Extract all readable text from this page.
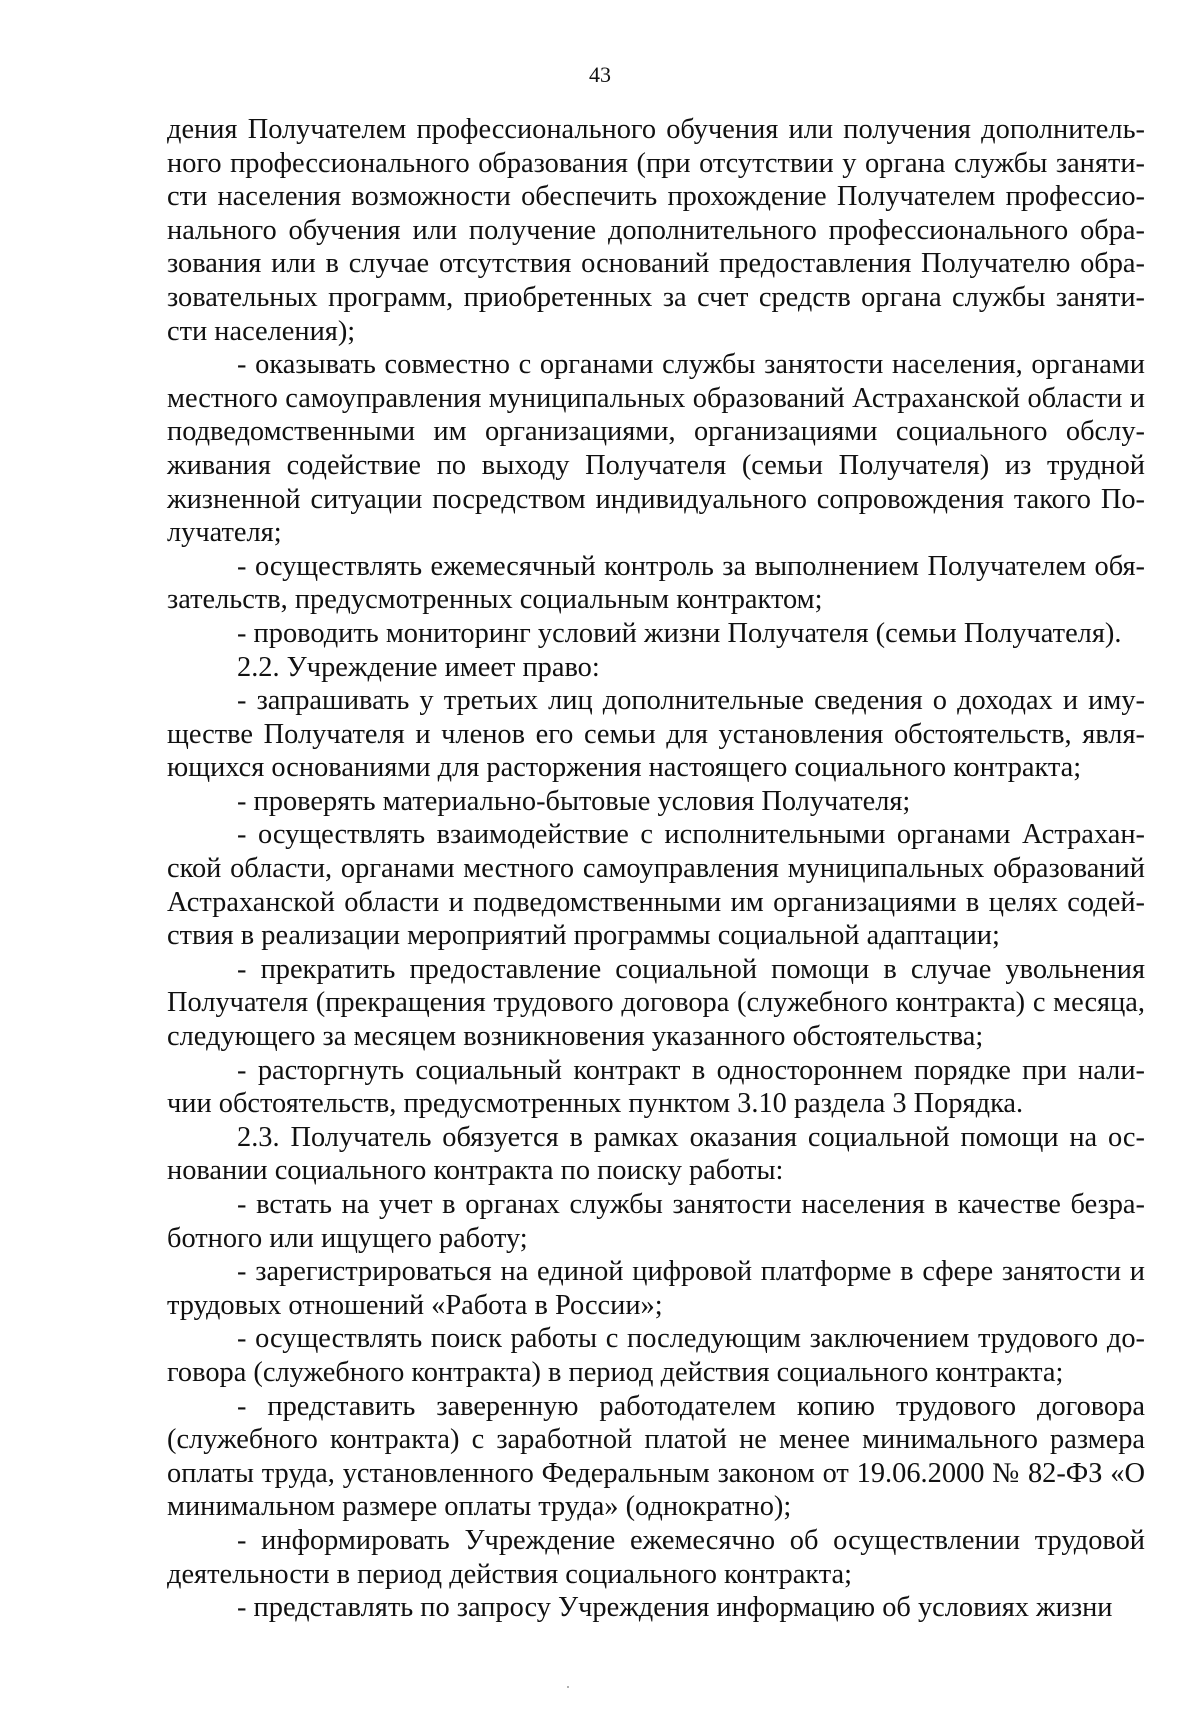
43

дения Получателем профессионального обучения или получения дополнительного профессионального образования (при отсутствии у органа службы занятисти населения возможности обеспечить прохождение Получателем профессионального обучения или получение дополнительного профессионального образования или в случае отсутствия оснований предоставления Получателю образовательных программ, приобретенных за счет средств органа службы занятисти населения);

- оказывать совместно с органами службы занятости населения, органами местного самоуправления муниципальных образований Астраханской области и подведомственными им организациями, организациями социального обслуживания содействие по выходу Получателя (семьи Получателя) из трудной жизненной ситуации посредством индивидуального сопровождения такого Получателя;

- осуществлять ежемесячный контроль за выполнением Получателем обязательств, предусмотренных социальным контрактом;

- проводить мониторинг условий жизни Получателя (семьи Получателя).

2.2. Учреждение имеет право:

- запрашивать у третьих лиц дополнительные сведения о доходах и имуществе Получателя и членов его семьи для установления обстоятельств, являющихся основаниями для расторжения настоящего социального контракта;

- проверять материально-бытовые условия Получателя;

- осуществлять взаимодействие с исполнительными органами Астраханской области, органами местного самоуправления муниципальных образований Астраханской области и подведомственными им организациями в целях содействия в реализации мероприятий программы социальной адаптации;

- прекратить предоставление социальной помощи в случае увольнения Получателя (прекращения трудового договора (служебного контракта) с месяца, следующего за месяцем возникновения указанного обстоятельства;

- расторгнуть социальный контракт в одностороннем порядке при наличии обстоятельств, предусмотренных пунктом 3.10 раздела 3 Порядка.

2.3. Получатель обязуется в рамках оказания социальной помощи на основании социального контракта по поиску работы:

- встать на учет в органах службы занятости населения в качестве безработного или ищущего работу;

- зарегистрироваться на единой цифровой платформе в сфере занятости и трудовых отношений «Работа в России»;

- осуществлять поиск работы с последующим заключением трудового договора (служебного контракта) в период действия социального контракта;

- представить заверенную работодателем копию трудового договора (служебного контракта) с заработной платой не менее минимального размера оплаты труда, установленного Федеральным законом от 19.06.2000 № 82-ФЗ «О минимальном размере оплаты труда» (однократно);

- информировать Учреждение ежемесячно об осуществлении трудовой деятельности в период действия социального контракта;

- представлять по запросу Учреждения информацию об условиях жизни
